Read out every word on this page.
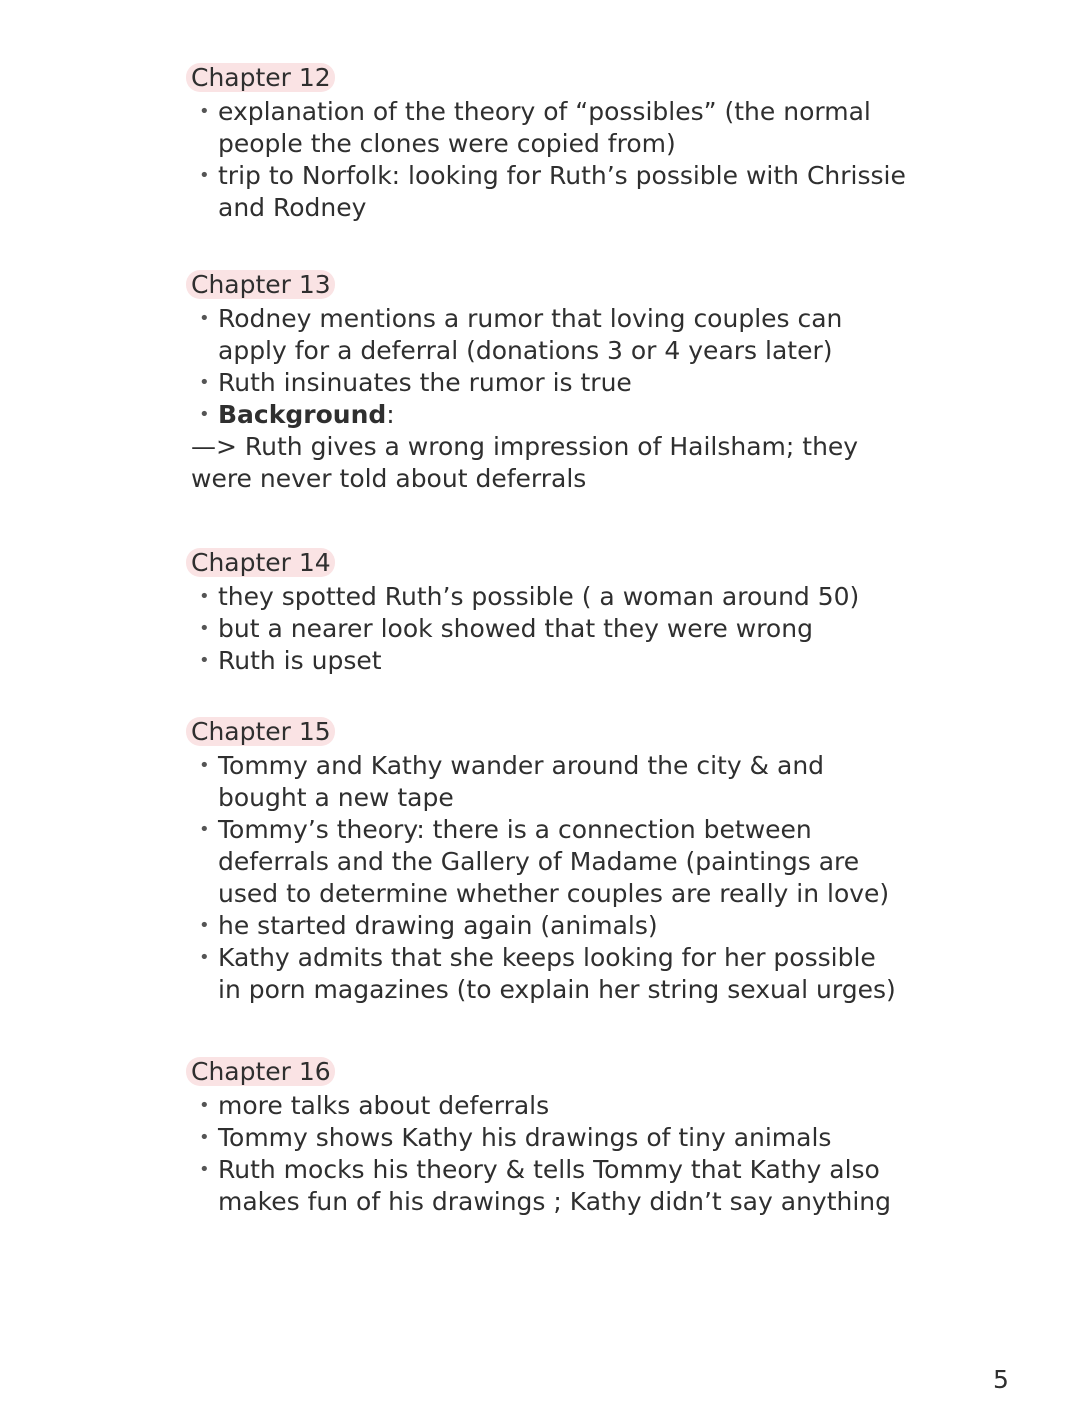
Chapter 12
• explanation of the theory of “possibles” (the normal people the clones were copied from)
• trip to Norfolk: looking for Ruth’s possible with Chrissie and Rodney
Chapter 13
• Rodney mentions a rumor that loving couples can apply for a deferral (donations 3 or 4 years later)
• Ruth insinuates the rumor is true
• Background:

—> Ruth gives a wrong impression of Hailsham; they were never told about deferrals

Chapter 14
• they spotted Ruth’s possible ( a woman around 50)
• but a nearer look showed that they were wrong
• Ruth is upset
Chapter 15
• Tommy and Kathy wander around the city & and bought a new tape
• Tommy’s theory: there is a connection between deferrals and the Gallery of Madame (paintings are used to determine whether couples are really in love)
• he started drawing again (animals)
• Kathy admits that she keeps looking for her possible in porn magazines (to explain her string sexual urges)
Chapter 16
• more talks about deferrals
• Tommy shows Kathy his drawings of tiny animals
• Ruth mocks his theory & tells Tommy that Kathy also makes fun of his drawings ; Kathy didn’t say anything
5
